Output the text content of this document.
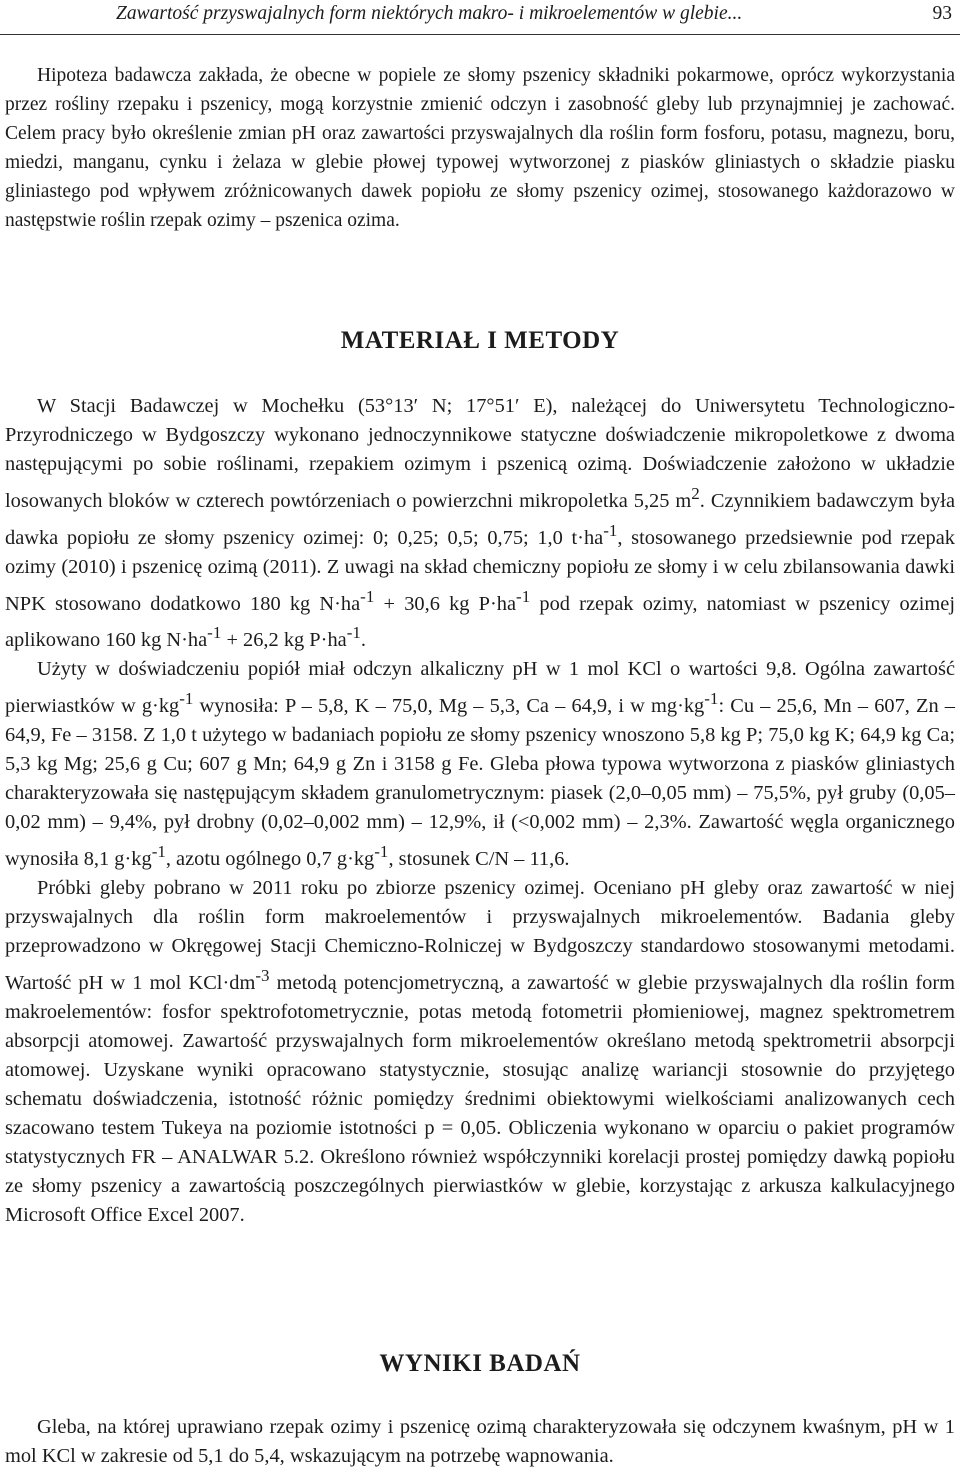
Zawartość przyswajalnych form niektórych makro- i mikroelementów w glebie...	93

Hipoteza badawcza zakłada, że obecne w popiele ze słomy pszenicy składniki pokarmowe, oprócz wykorzystania przez rośliny rzepaku i pszenicy, mogą korzystnie zmienić odczyn i zasobność gleby lub przynajmniej je zachować. Celem pracy było określenie zmian pH oraz zawartości przyswajalnych dla roślin form fosforu, potasu, magnezu, boru, miedzi, manganu, cynku i żelaza w glebie płowej typowej wytworzonej z piasków gliniastych o składzie piasku gliniastego pod wpływem zróżnicowanych dawek popiołu ze słomy pszenicy ozimej, stosowanego każdorazowo w następstwie roślin rzepak ozimy – pszenica ozima.

MATERIAŁ I METODY

W Stacji Badawczej w Mochełku (53°13′ N; 17°51′ E), należącej do Uniwersytetu Technologiczno-Przyrodniczego w Bydgoszczy wykonano jednoczynnikowe statyczne doświadczenie mikropoletkowe z dwoma następującymi po sobie roślinami, rzepakiem ozimym i pszenicą ozimą. Doświadczenie założono w układzie losowanych bloków w czterech powtórzeniach o powierzchni mikropoletka 5,25 $m^2$. Czynnikiem badawczym była dawka popiołu ze słomy pszenicy ozimej: 0; 0,25; 0,5; 0,75; 1,0 $t\cdot ha^{-1}$, stosowanego przedsiewnie pod rzepak ozimy (2010) i pszenicę ozimą (2011). Z uwagi na skład chemiczny popiołu ze słomy i w celu zbilansowania dawki NPK stosowano dodatkowo 180 kg $N\cdot ha^{-1} + 30,6$ kg $P\cdot ha^{-1}$ pod rzepak ozimy, natomiast w pszenicy ozimej aplikowano 160 kg $N\cdot ha^{-1} + 26,2$ kg $P\cdot ha^{-1}$.

Użyty w doświadczeniu popiół miał odczyn alkaliczny pH w 1 mol KCl o wartości 9,8. Ogólna zawartość pierwiastków w $g\cdot kg^{-1}$ wynosiła: P – 5,8, K – 75,0, Mg – 5,3, Ca – 64,9, i w $mg\cdot kg^{-1}$: Cu – 25,6, Mn – 607, Zn – 64,9, Fe – 3158. Z 1,0 t użytego w badaniach popiołu ze słomy pszenicy wnoszono 5,8 kg P; 75,0 kg K; 64,9 kg Ca; 5,3 kg Mg; 25,6 g Cu; 607 g Mn; 64,9 g Zn i 3158 g Fe. Gleba płowa typowa wytworzona z piasków gliniastych charakteryzowała się następującym składem granulometrycznym: piasek (2,0–0,05 mm) – 75,5%, pył gruby (0,05–0,02 mm) – 9,4%, pył drobny (0,02–0,002 mm) – 12,9%, ił (<0,002 mm) – 2,3%. Zawartość węgla organicznego wynosiła 8,1 $g\cdot kg^{-1}$, azotu ogólnego 0,7 $g\cdot kg^{-1}$, stosunek C/N – 11,6.

Próbki gleby pobrano w 2011 roku po zbiorze pszenicy ozimej. Oceniano pH gleby oraz zawartość w niej przyswajalnych dla roślin form makroelementów i przyswajalnych mikroelementów. Badania gleby przeprowadzono w Okręgowej Stacji Chemiczno-Rolniczej w Bydgoszczy standardowo stosowanymi metodami. Wartość pH w 1 mol $KCl\cdot dm^{-3}$ metodą potencjometryczną, a zawartość w glebie przyswajalnych dla roślin form makroelementów: fosfor spektrofotometrycznie, potas metodą fotometrii płomieniowej, magnez spektrometrem absorpcji atomowej. Zawartość przyswajalnych form mikroelementów określano metodą spektrometrii absorpcji atomowej. Uzyskane wyniki opracowano statystycznie, stosując analizę wariancji stosownie do przyjętego schematu doświadczenia, istotność różnic pomiędzy średnimi obiektowymi wielkościami analizowanych cech szacowano testem Tukeya na poziomie istotności p = 0,05. Obliczenia wykonano w oparciu o pakiet programów statystycznych FR – ANALWAR 5.2. Określono również współczynniki korelacji prostej pomiędzy dawką popiołu ze słomy pszenicy a zawartością poszczególnych pierwiastków w glebie, korzystając z arkusza kalkulacyjnego Microsoft Office Excel 2007.

WYNIKI BADAŃ

Gleba, na której uprawiano rzepak ozimy i pszenicę ozimą charakteryzowała się odczynem kwaśnym, pH w 1 mol KCl w zakresie od 5,1 do 5,4, wskazującym na potrzebę wapnowania.
